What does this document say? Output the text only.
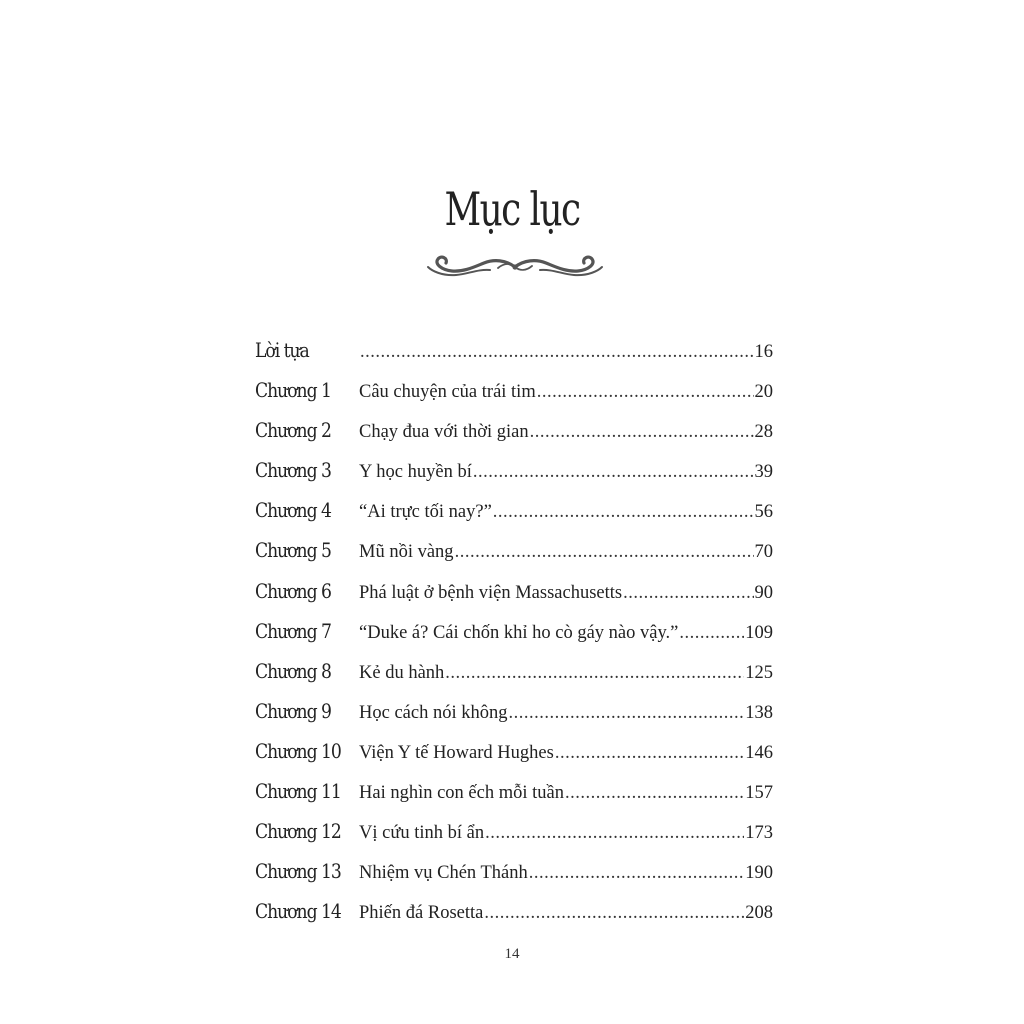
Mục lục
Lời tựa .....	16
Chương 1	Câu chuyện của trái tim .....	20
Chương 2	Chạy đua với thời gian .....	28
Chương 3	Y học huyền bí .....	39
Chương 4	“Ai trực tối nay?” .....	56
Chương 5	Mũ nồi vàng .....	70
Chương 6	Phá luật ở bệnh viện Massachusetts .....	90
Chương 7	“Duke á? Cái chốn khỉ ho cò gáy nào vậy.” .....	109
Chương 8	Kẻ du hành .....	125
Chương 9	Học cách nói không .....	138
Chương 10 Viện Y tế Howard Hughes .....	146
Chương 11 Hai nghìn con ếch mỗi tuần .....	157
Chương 12 Vị cứu tinh bí ẩn .....	173
Chương 13 Nhiệm vụ Chén Thánh .....	190
Chương 14 Phiến đá Rosetta .....	208
14
